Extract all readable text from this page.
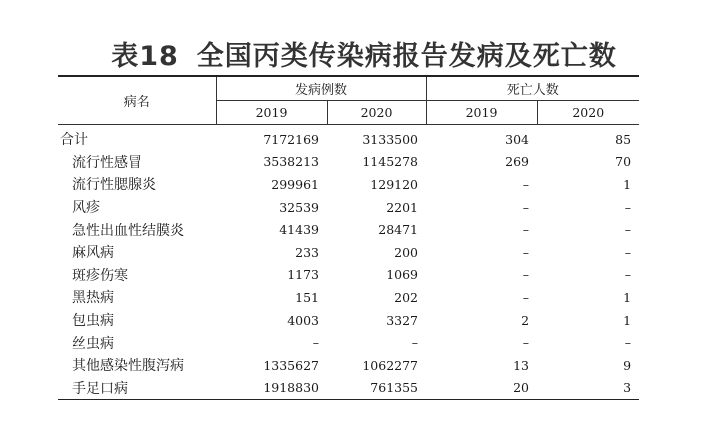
表18 全国丙类传染病报告发病及死亡数
病名	发病例数		死亡人数	
	2019	2020	2019	2020
合计	7172169	3133500	304	85
流行性感冒	3538213	1145278	269	70
流行性腮腺炎	299961	129120	–	1
风疹	32539	2201	–	–
急性出血性结膜炎	41439	28471	–	–
麻风病	233	200	–	–
斑疹伤寒	1173	1069	–	–
黑热病	151	202	–	1
包虫病	4003	3327	2	1
丝虫病	–	–	–	–
其他感染性腹泻病	1335627	1062277	13	9
手足口病	1918830	761355	20	3
